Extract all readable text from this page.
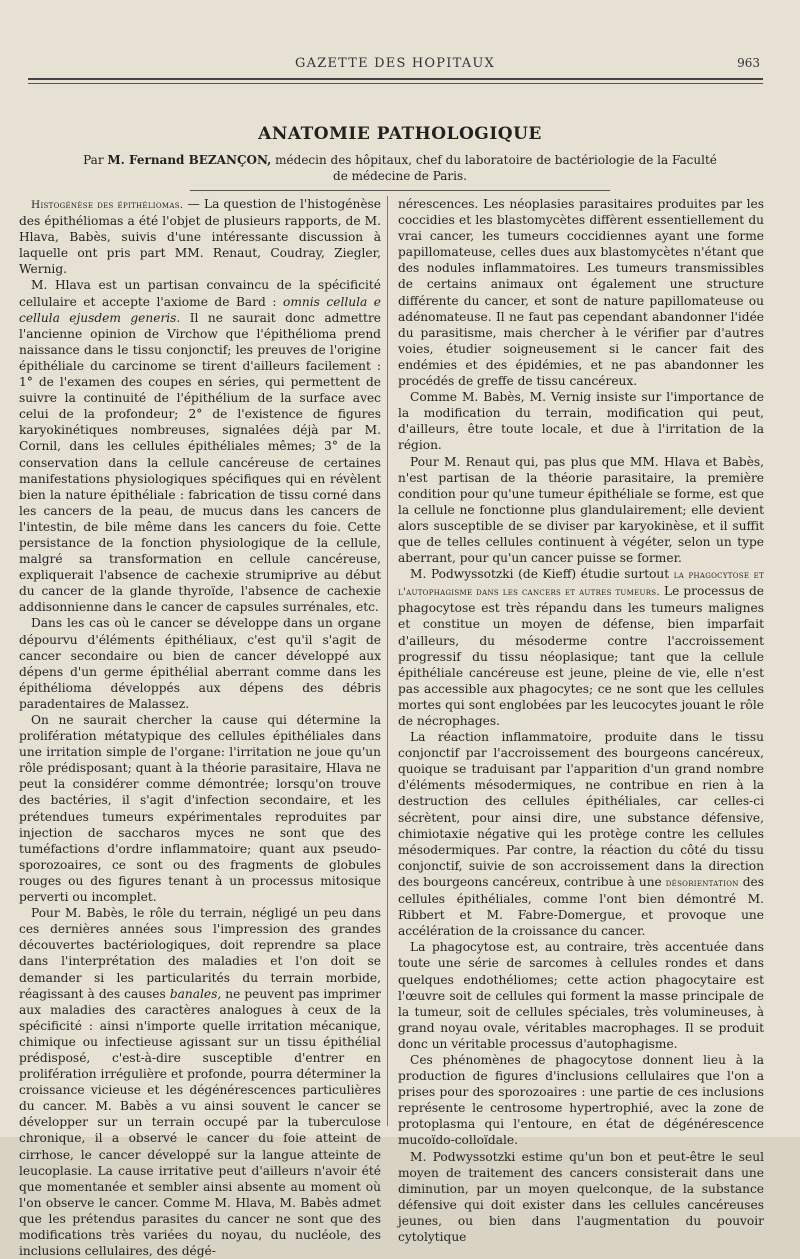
GAZETTE DES HOPITAUX	963
ANATOMIE PATHOLOGIQUE
Par M. Fernand BEZANÇON, médecin des hôpitaux, chef du laboratoire de bactériologie de la Faculté de médecine de Paris.

Histogénèse des épithéliomas. — La question de l'histogénèse des épithéliomas a été l'objet de plusieurs rapports, de M. Hlava, Babès, suivis d'une intéressante discussion à laquelle ont pris part MM. Renaut, Coudray, Ziegler, Wernig.

M. Hlava est un partisan convaincu de la spécificité cellulaire et accepte l'axiome de Bard : omnis cellula e cellula ejusdem generis. Il ne saurait donc admettre l'ancienne opinion de Virchow que l'épithélioma prend naissance dans le tissu conjonctif; les preuves de l'origine épithéliale du carcinome se tirent d'ailleurs facilement : 1° de l'examen des coupes en séries, qui permettent de suivre la continuité de l'épithélium de la surface avec celui de la profondeur; 2° de l'existence de figures karyokinétiques nombreuses, signalées déjà par M. Cornil, dans les cellules épithéliales mêmes; 3° de la conservation dans la cellule cancéreuse de certaines manifestations physiologiques spécifiques qui en révèlent bien la nature épithéliale : fabrication de tissu corné dans les cancers de la peau, de mucus dans les cancers de l'intestin, de bile même dans les cancers du foie. Cette persistance de la fonction physiologique de la cellule, malgré sa transformation en cellule cancéreuse, expliquerait l'absence de cachexie strumiprive au début du cancer de la glande thyroïde, l'absence de cachexie addisonnienne dans le cancer de capsules surrénales, etc.

Dans les cas où le cancer se développe dans un organe dépourvu d'éléments épithéliaux, c'est qu'il s'agit de cancer secondaire ou bien de cancer développé aux dépens d'un germe épithélial aberrant comme dans les épithélioma développés aux dépens des débris paradentaires de Malassez.

On ne saurait chercher la cause qui détermine la prolifération métatypique des cellules épithéliales dans une irritation simple de l'organe: l'irritation ne joue qu'un rôle prédisposant; quant à la théorie parasitaire, Hlava ne peut la considérer comme démontrée; lorsqu'on trouve des bactéries, il s'agit d'infection secondaire, et les prétendues tumeurs expérimentales reproduites par injection de saccharos myces ne sont que des tuméfactions d'ordre inflammatoire; quant aux pseudo-sporozoaires, ce sont ou des fragments de globules rouges ou des figures tenant à un processus mitosique perverti ou incomplet.

Pour M. Babès, le rôle du terrain, négligé un peu dans ces dernières années sous l'impression des grandes découvertes bactériologiques, doit reprendre sa place dans l'interprétation des maladies et l'on doit se demander si les particularités du terrain morbide, réagissant à des causes banales, ne peuvent pas imprimer aux maladies des caractères analogues à ceux de la spécificité : ainsi n'importe quelle irritation mécanique, chimique ou infectieuse agissant sur un tissu épithélial prédisposé, c'est-à-dire susceptible d'entrer en prolifération irrégulière et profonde, pourra déterminer la croissance vicieuse et les dégénérescences particulières du cancer. M. Babès a vu ainsi souvent le cancer se développer sur un terrain occupé par la tuberculose chronique, il a observé le cancer du foie atteint de cirrhose, le cancer développé sur la langue atteinte de leucoplasie. La cause irritative peut d'ailleurs n'avoir été que momentanée et sembler ainsi absente au moment où l'on observe le cancer. Comme M. Hlava, M. Babès admet que les prétendus parasites du cancer ne sont que des modifications très variées du noyau, du nucléole, des inclusions cellulaires, des dégé-

nérescences. Les néoplasies parasitaires produites par les coccidies et les blastomycètes diffèrent essentiellement du vrai cancer, les tumeurs coccidiennes ayant une forme papillomateuse, celles dues aux blastomycètes n'étant que des nodules inflammatoires. Les tumeurs transmissibles de certains animaux ont également une structure différente du cancer, et sont de nature papillomateuse ou adénomateuse. Il ne faut pas cependant abandonner l'idée du parasitisme, mais chercher à le vérifier par d'autres voies, étudier soigneusement si le cancer fait des endémies et des épidémies, et ne pas abandonner les procédés de greffe de tissu cancéreux.

Comme M. Babès, M. Vernig insiste sur l'importance de la modification du terrain, modification qui peut, d'ailleurs, être toute locale, et due à l'irritation de la région.

Pour M. Renaut qui, pas plus que MM. Hlava et Babès, n'est partisan de la théorie parasitaire, la première condition pour qu'une tumeur épithéliale se forme, est que la cellule ne fonctionne plus glandulairement; elle devient alors susceptible de se diviser par karyokinèse, et il suffit que de telles cellules continuent à végéter, selon un type aberrant, pour qu'un cancer puisse se former.

M. Podwyssotzki (de Kieff) étudie surtout la phagocytose et l'autophagisme dans les cancers et autres tumeurs. Le processus de phagocytose est très répandu dans les tumeurs malignes et constitue un moyen de défense, bien imparfait d'ailleurs, du mésoderme contre l'accroissement progressif du tissu néoplasique; tant que la cellule épithéliale cancéreuse est jeune, pleine de vie, elle n'est pas accessible aux phagocytes; ce ne sont que les cellules mortes qui sont englobées par les leucocytes jouant le rôle de nécrophages.

La réaction inflammatoire, produite dans le tissu conjonctif par l'accroissement des bourgeons cancéreux, quoique se traduisant par l'apparition d'un grand nombre d'éléments mésodermiques, ne contribue en rien à la destruction des cellules épithéliales, car celles-ci sécrètent, pour ainsi dire, une substance défensive, chimiotaxie négative qui les protège contre les cellules mésodermiques. Par contre, la réaction du côté du tissu conjonctif, suivie de son accroissement dans la direction des bourgeons cancéreux, contribue à une désorientation des cellules épithéliales, comme l'ont bien démontré M. Ribbert et M. Fabre-Domergue, et provoque une accélération de la croissance du cancer.

La phagocytose est, au contraire, très accentuée dans toute une série de sarcomes à cellules rondes et dans quelques endothéliomes; cette action phagocytaire est l'œuvre soit de cellules qui forment la masse principale de la tumeur, soit de cellules spéciales, très volumineuses, à grand noyau ovale, véritables macrophages. Il se produit donc un véritable processus d'autophagisme.

Ces phénomènes de phagocytose donnent lieu à la production de figures d'inclusions cellulaires que l'on a prises pour des sporozoaires : une partie de ces inclusions représente le centrosome hypertrophié, avec la zone de protoplasma qui l'entoure, en état de dégénérescence mucoïdo-colloïdale.

M. Podwyssotzki estime qu'un bon et peut-être le seul moyen de traitement des cancers consisterait dans une diminution, par un moyen quelconque, de la substance défensive qui doit exister dans les cellules cancéreuses jeunes, ou bien dans l'augmentation du pouvoir cytolytique
